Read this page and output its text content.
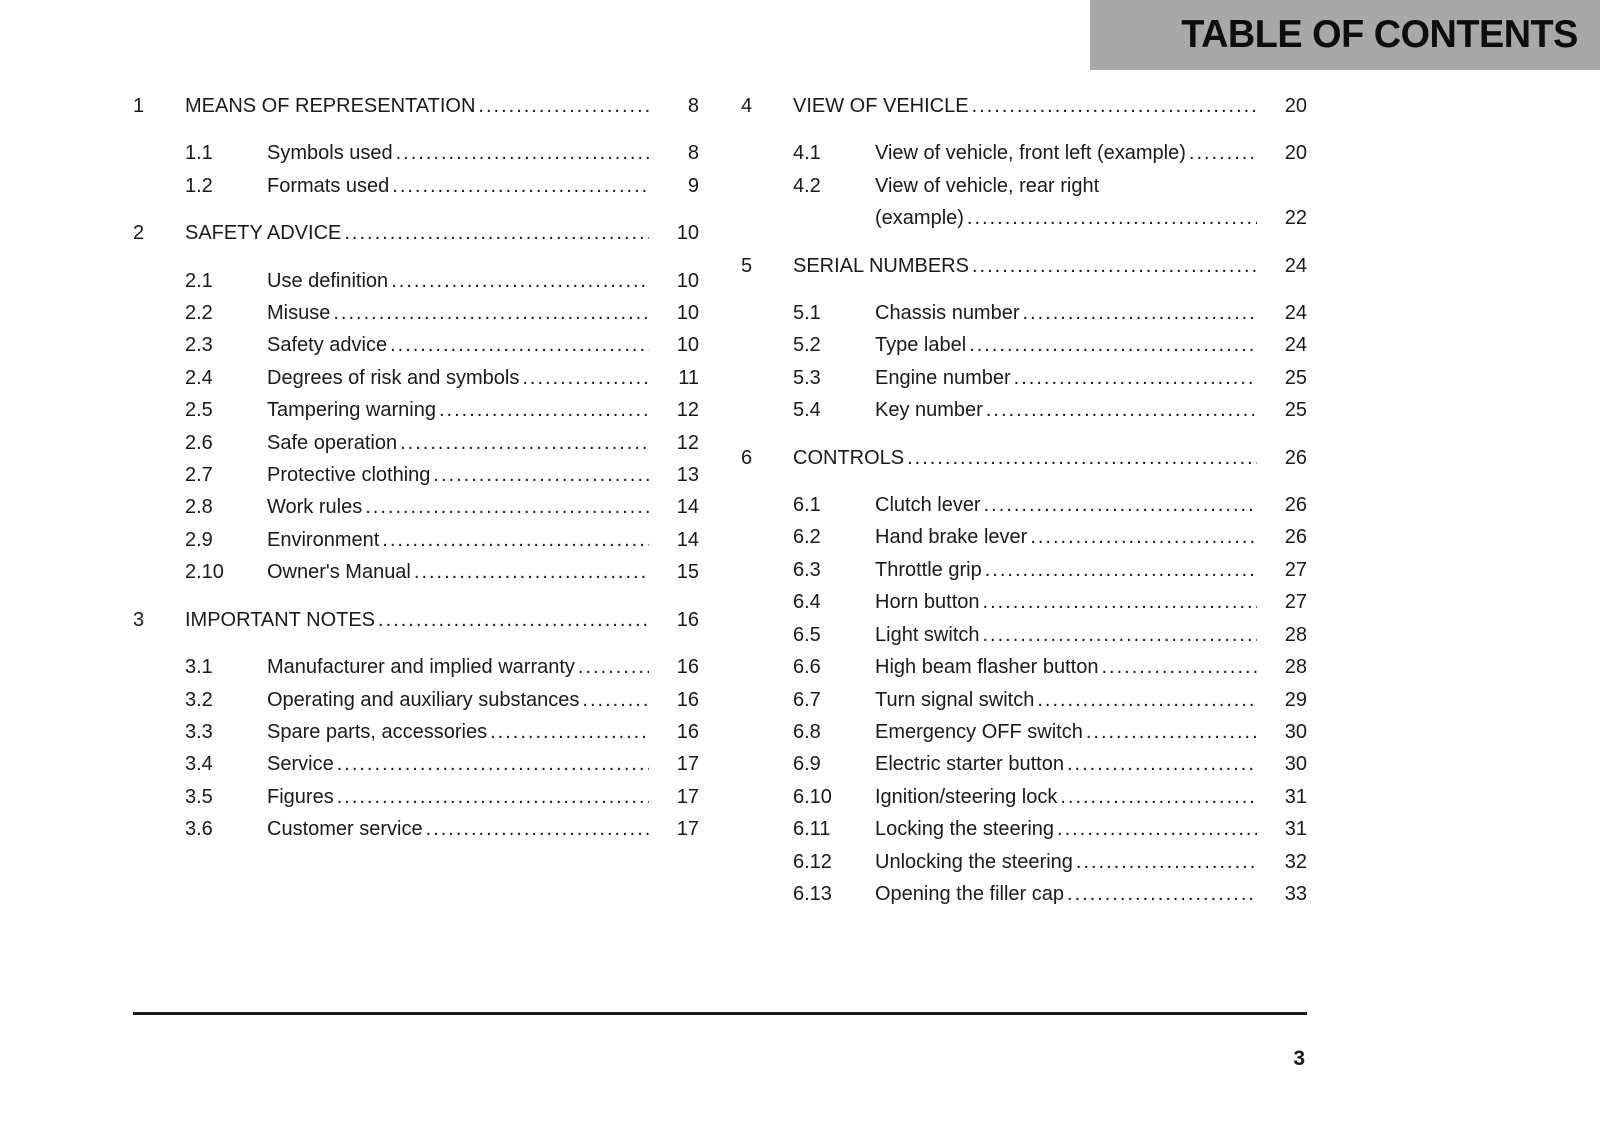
TABLE OF CONTENTS
1	MEANS OF REPRESENTATION .....	8
1.1	Symbols used .....	8
1.2	Formats used .....	9
2	SAFETY ADVICE .....	10
2.1	Use definition .....	10
2.2	Misuse .....	10
2.3	Safety advice .....	10
2.4	Degrees of risk and symbols .....	11
2.5	Tampering warning .....	12
2.6	Safe operation .....	12
2.7	Protective clothing .....	13
2.8	Work rules .....	14
2.9	Environment .....	14
2.10	Owner's Manual .....	15
3	IMPORTANT NOTES .....	16
3.1	Manufacturer and implied warranty .....	16
3.2	Operating and auxiliary substances .....	16
3.3	Spare parts, accessories .....	16
3.4	Service .....	17
3.5	Figures .....	17
3.6	Customer service .....	17
4	VIEW OF VEHICLE .....	20
4.1	View of vehicle, front left (example) .....	20
4.2	View of vehicle, rear right
(example) .....	22
5	SERIAL NUMBERS .....	24
5.1	Chassis number .....	24
5.2	Type label .....	24
5.3	Engine number .....	25
5.4	Key number .....	25
6	CONTROLS .....	26
6.1	Clutch lever .....	26
6.2	Hand brake lever .....	26
6.3	Throttle grip .....	27
6.4	Horn button .....	27
6.5	Light switch .....	28
6.6	High beam flasher button .....	28
6.7	Turn signal switch .....	29
6.8	Emergency OFF switch .....	30
6.9	Electric starter button .....	30
6.10	Ignition/steering lock .....	31
6.11	Locking the steering .....	31
6.12	Unlocking the steering .....	32
6.13	Opening the filler cap .....	33
3
